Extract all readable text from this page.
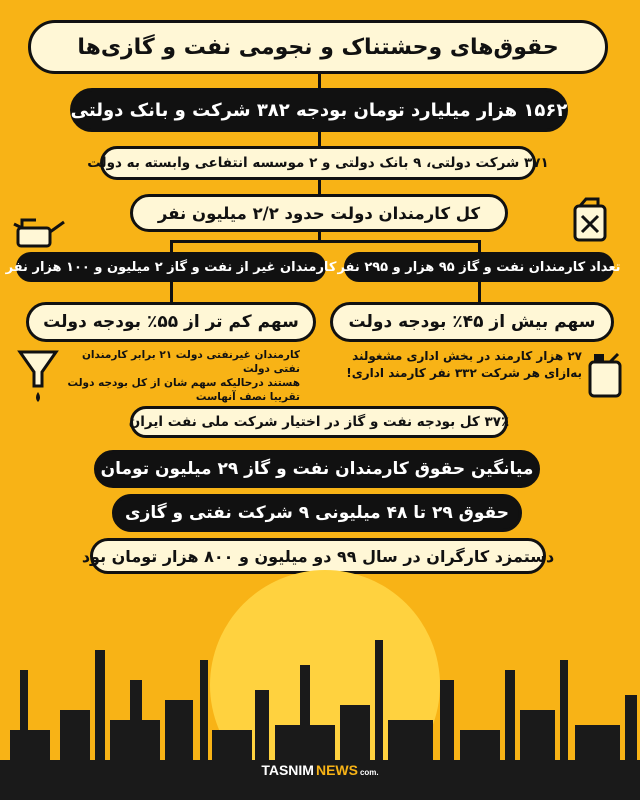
حقوق‌های وحشتناک و نجومی نفت و گازی‌ها
۱۵۶۲ هزار میلیارد تومان بودجه ۳۸۲ شرکت و بانک دولتی
۳۷۱ شرکت دولتی، ۹ بانک دولتی و ۲ موسسه انتفاعی وابسته به دولت
کل کارمندان دولت حدود ۲/۲ میلیون نفر
تعداد کارمندان نفت و گاز ۹۵ هزار و ۲۹۵ نفر
کارمندان غیر از نفت و گاز ۲ میلیون و ۱۰۰ هزار نفر
سهم بیش از ۴۵٪ بودجه دولت
سهم کم تر از ۵۵٪ بودجه دولت
کارمندان غیرنفتی دولت ۲۱ برابر کارمندان نفتی دولت
هستند درحالیکه سهم شان از کل بودجه دولت
تقریبا نصف آنهاست
۲۷ هزار کارمند در بخش اداری مشغولند
به‌ازای هر شرکت ۳۳۲ نفر کارمند اداری!
۳۷٪ کل بودجه نفت و گاز در اختیار شرکت ملی نفت ایران
میانگین حقوق کارمندان نفت و گاز ۲۹ میلیون تومان
حقوق ۲۹ تا ۴۸ میلیونی ۹ شرکت نفتی و گازی
دستمزد کارگران در سال ۹۹ دو میلیون و ۸۰۰ هزار تومان بود
TASNIM NEWS com.
